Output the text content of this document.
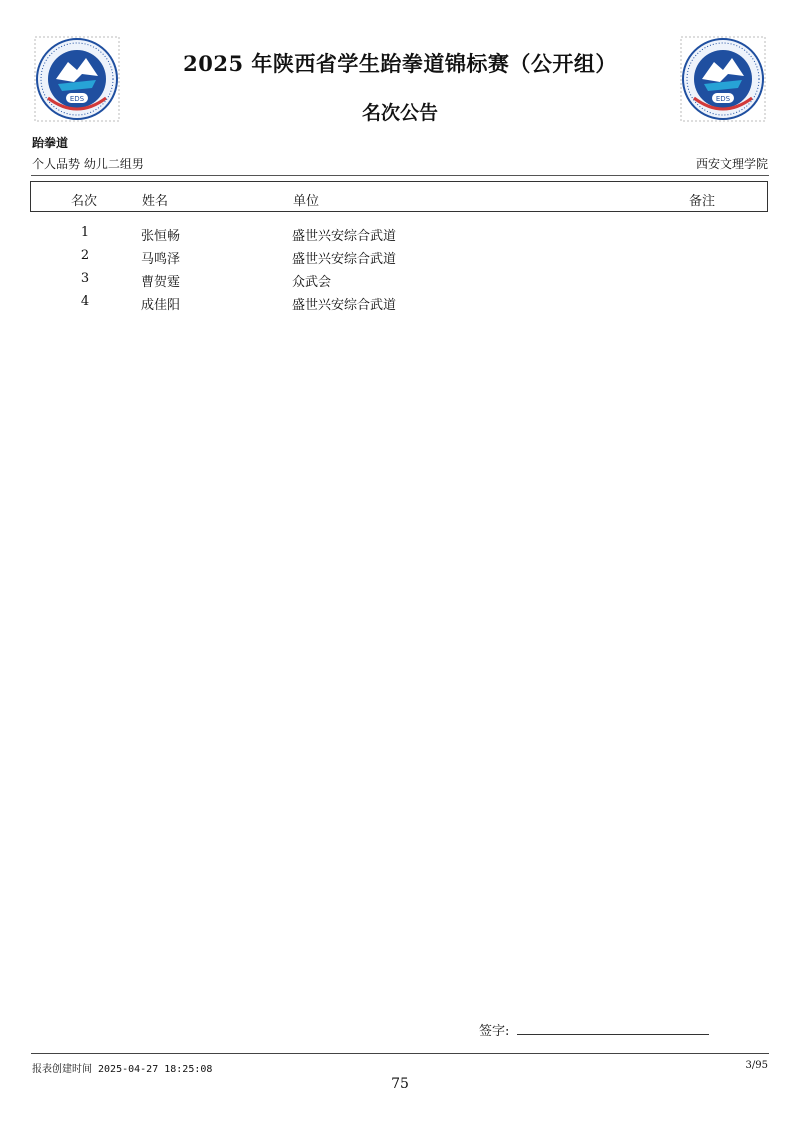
EDS	EDS
2025 年陕西省学生跆拳道锦标赛（公开组）
名次公告
跆拳道
个人品势 幼儿二组男	西安文理学院
名次	姓名	单位	备注
1	张恒畅	盛世兴安综合武道
2	马鸣泽	盛世兴安综合武道
3	曹贺霆	众武会
4	成佳阳	盛世兴安综合武道
签字:
报表创建时间 2025-04-27 18:25:08	3/95
75
